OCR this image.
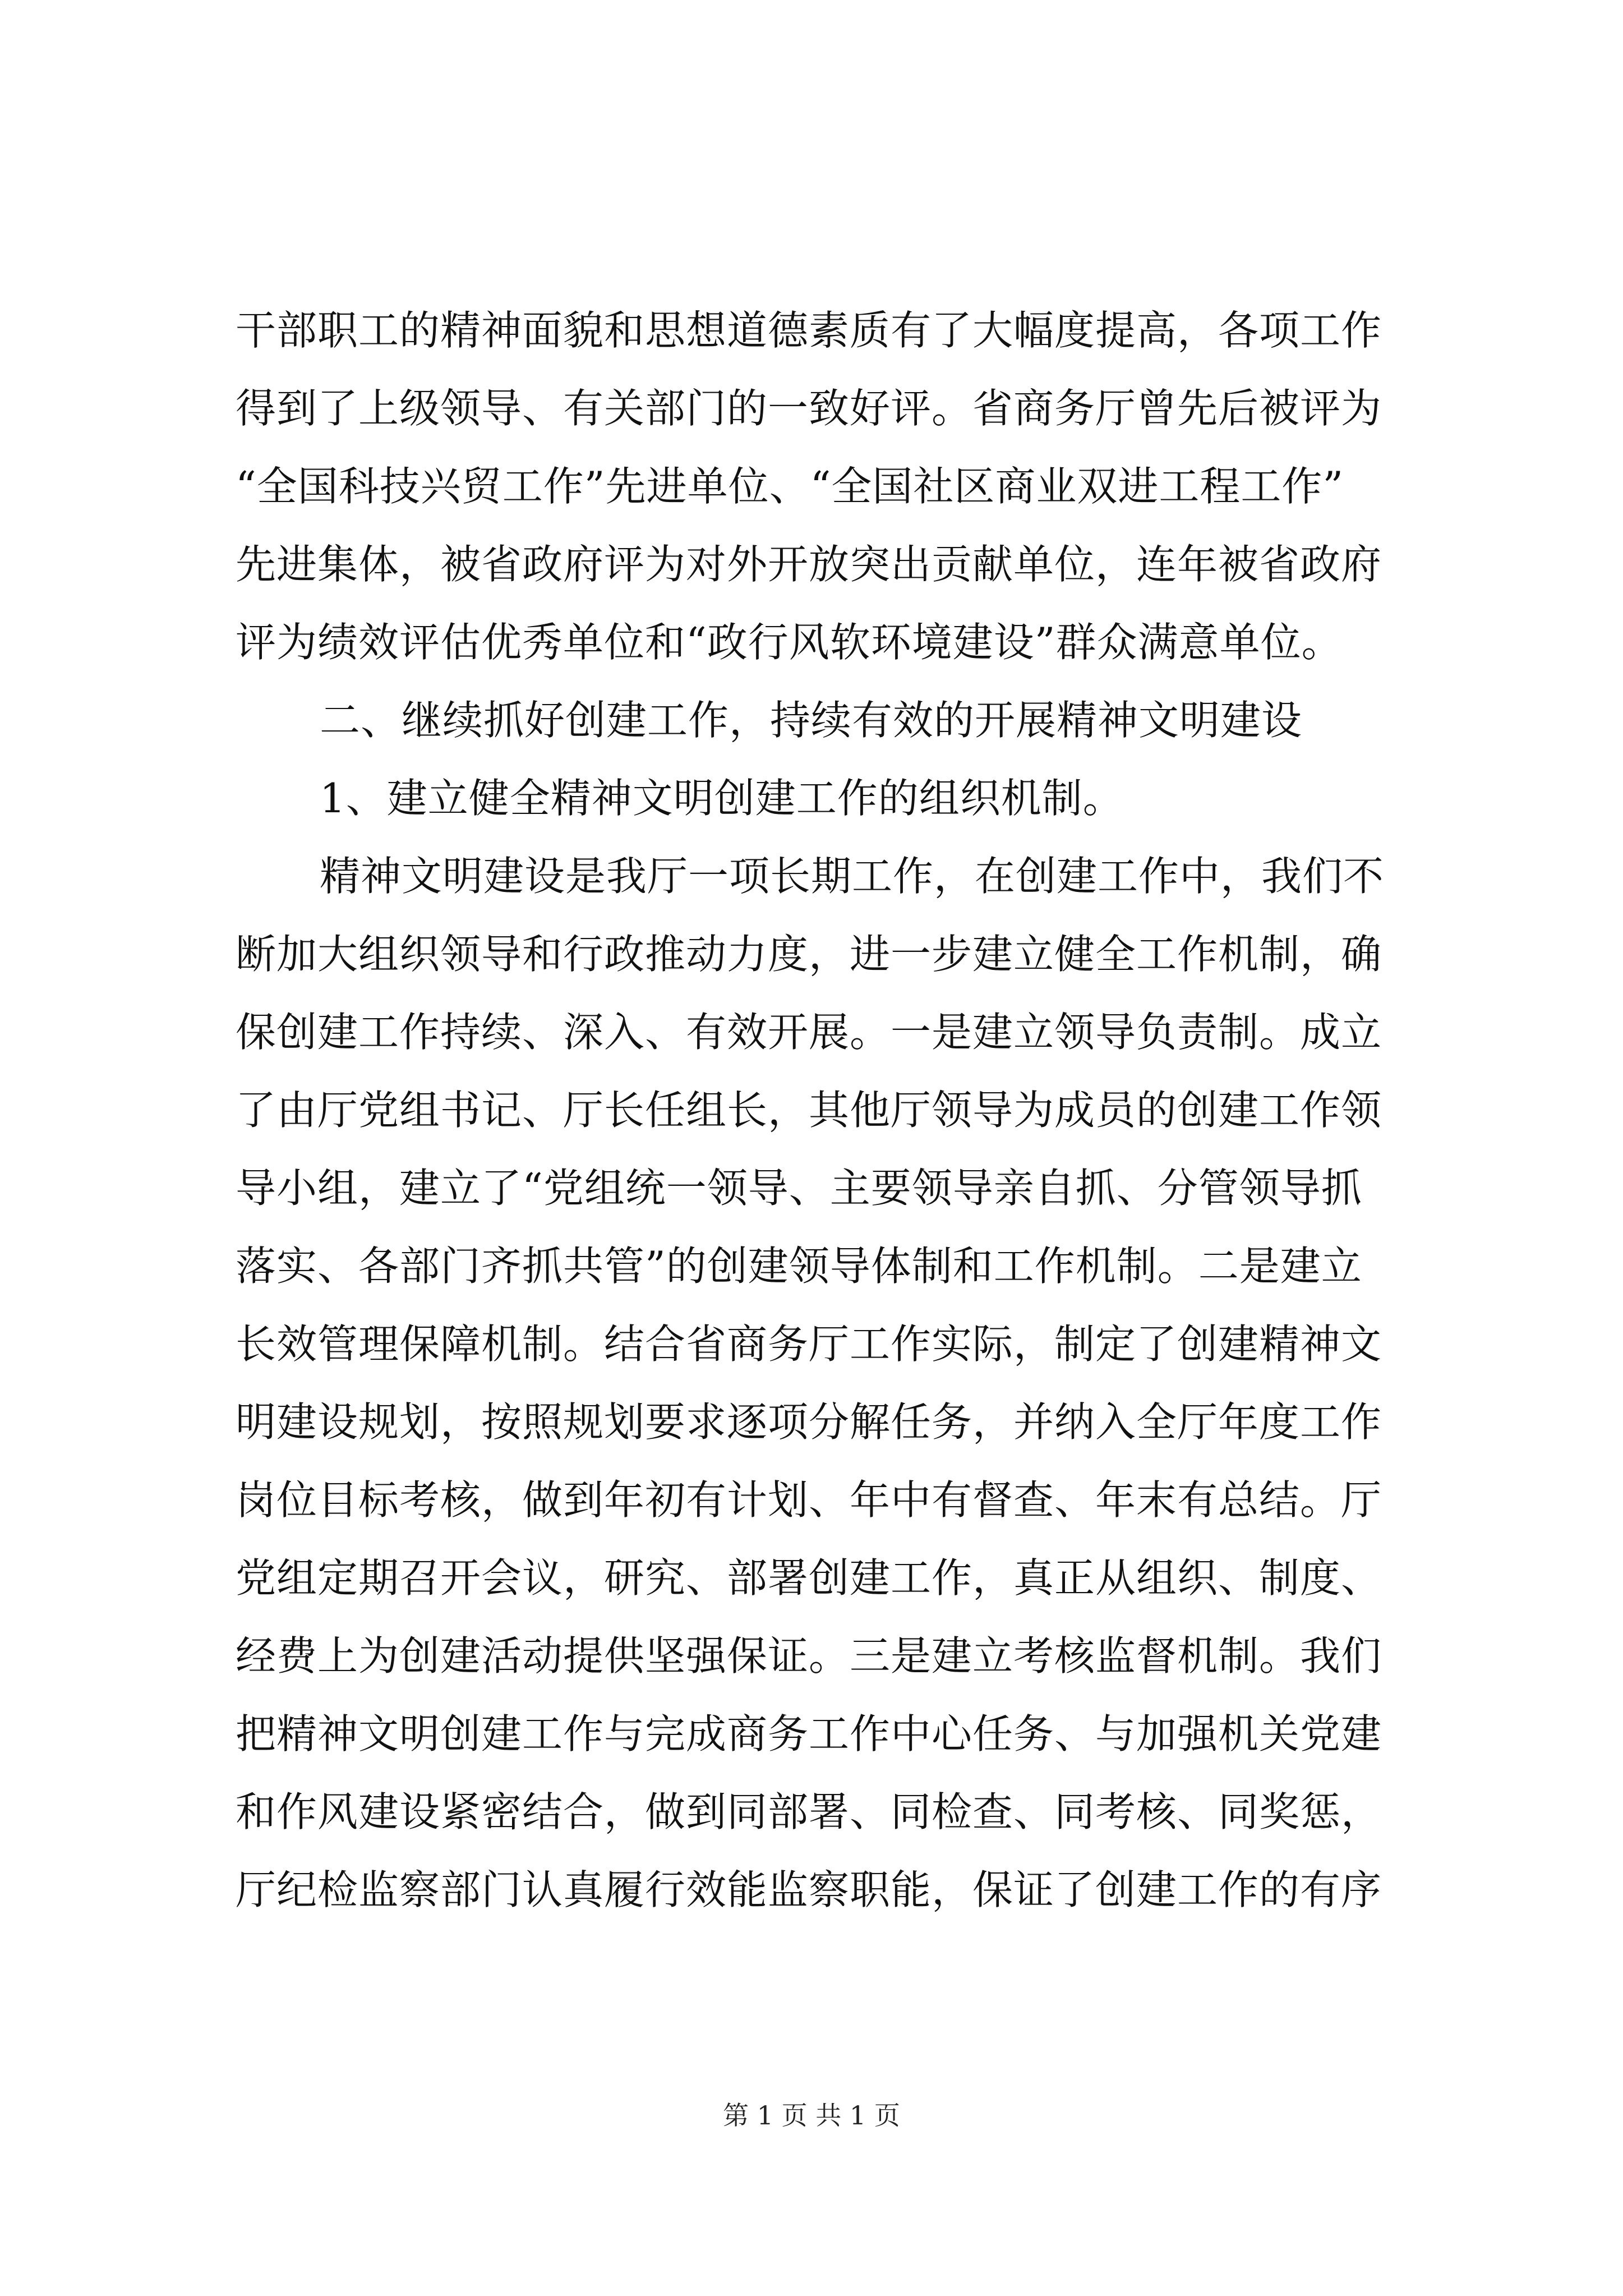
干部职工的精神面貌和思想道德素质有了大幅度提高，各项工作
得到了上级领导、有关部门的一致好评。省商务厅曾先后被评为
“全国科技兴贸工作”先进单位、“全国社区商业双进工程工作”
先进集体，被省政府评为对外开放突出贡献单位，连年被省政府
评为绩效评估优秀单位和“政行风软环境建设”群众满意单位。
二、继续抓好创建工作，持续有效的开展精神文明建设
1、建立健全精神文明创建工作的组织机制。
精神文明建设是我厅一项长期工作，在创建工作中，我们不
断加大组织领导和行政推动力度，进一步建立健全工作机制，确
保创建工作持续、深入、有效开展。一是建立领导负责制。成立
了由厅党组书记、厅长任组长，其他厅领导为成员的创建工作领
导小组，建立了“党组统一领导、主要领导亲自抓、分管领导抓
落实、各部门齐抓共管”的创建领导体制和工作机制。二是建立
长效管理保障机制。结合省商务厅工作实际，制定了创建精神文
明建设规划，按照规划要求逐项分解任务，并纳入全厅年度工作
岗位目标考核，做到年初有计划、年中有督查、年末有总结。厅
党组定期召开会议，研究、部署创建工作，真正从组织、制度、
经费上为创建活动提供坚强保证。三是建立考核监督机制。我们
把精神文明创建工作与完成商务工作中心任务、与加强机关党建
和作风建设紧密结合，做到同部署、同检查、同考核、同奖惩，
厅纪检监察部门认真履行效能监察职能，保证了创建工作的有序
第 1 页 共 1 页
